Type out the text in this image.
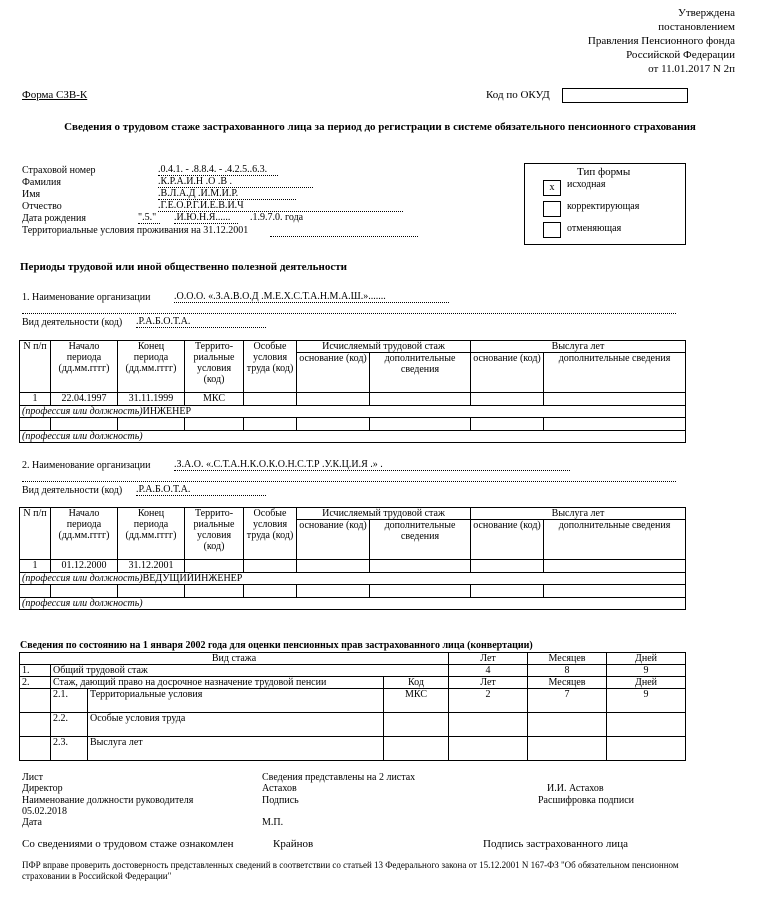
Утверждена
постановлением
Правления Пенсионного фонда
Российской Федерации
от 11.01.2017 N 2п
Форма СЗВ-К	Код по ОКУД
Сведения о трудовом стаже застрахованного лица за период до регистрации в системе обязательного пенсионного страхования
Страховой номер	.0.4.1. - .8.8.4. - .4.2.5..6.3.
Фамилия	.К.Р.А.И.Н .О .В .
Имя	.В.Л.А.Д .И.М.И.Р.
Отчество	.Г.Е.О.Р.Г.И.Е.В.И.Ч
Дата рождения	".5."	.И.Ю.Н.Я......	.1.9.7.0. года
Территориальные условия проживания на 31.12.2001
Тип формы
x	исходная
корректирующая
отменяющая
Периоды трудовой или иной общественно полезной деятельности
1. Наименование организации .О.О.О. «.З.А.В.О.Д .М.Е.Х.С.Т.А.Н.М.А.Ш.».......
Вид деятельности (код) .Р.А.Б.О.Т.А.
N п/п	Начало периода (дд.мм.гггг)	Конец периода (дд.мм.гггг)	Террито-риальные условия (код)	Особые условия труда (код)	Исчисляемый трудовой стаж		Выслуга лет	
					основание (код)	дополнительные сведения	основание (код)	дополнительные сведения
1	22.04.1997	31.11.1999	МКС					
(профессия или должность)ИНЖЕНЕР								

(профессия или должность)								
2. Наименование организации .З.А.О. «.С.Т.А.Н.К.О.К.О.Н.С.Т.Р .У.К.Ц.И.Я .» .
Вид деятельности (код) .Р.А.Б.О.Т.А.
N п/п	Начало периода (дд.мм.гггг)	Конец периода (дд.мм.гггг)	Террито-риальные условия (код)	Особые условия труда (код)	Исчисляемый трудовой стаж		Выслуга лет	
					основание (код)	дополнительные сведения	основание (код)	дополнительные сведения
1	01.12.2000	31.12.2001						
(профессия или должность)ВЕДУЩИЙИНЖЕНЕР								

(профессия или должность)								
Сведения по состоянию на 1 января 2002 года для оценки пенсионных прав застрахованного лица (конвертации)
Вид стажа				Лет	Месяцев	Дней
1.	Общий трудовой стаж			4	8	9
2.	Стаж, дающий право на досрочное назначение трудовой пенсии		Код	Лет	Месяцев	Дней
	2.1.	Территориальные условия	МКС	2	7	9
	2.2.	Особые условия труда				
	2.3.	Выслуга лет				
Лист	Сведения представлены на 2 листах
Директор	Астахов	И.И. Астахов
Наименование должности руководителя	Подпись	Расшифровка подписи
05.02.2018
Дата	М.П.
Со сведениями о трудовом стаже ознакомлен	Крайнов	Подпись застрахованного лица
ПФР вправе проверить достоверность представленных сведений в соответствии со статьей 13 Федерального закона от 15.12.2001 N 167-ФЗ "Об обязательном пенсионном страховании в Российской Федерации"
